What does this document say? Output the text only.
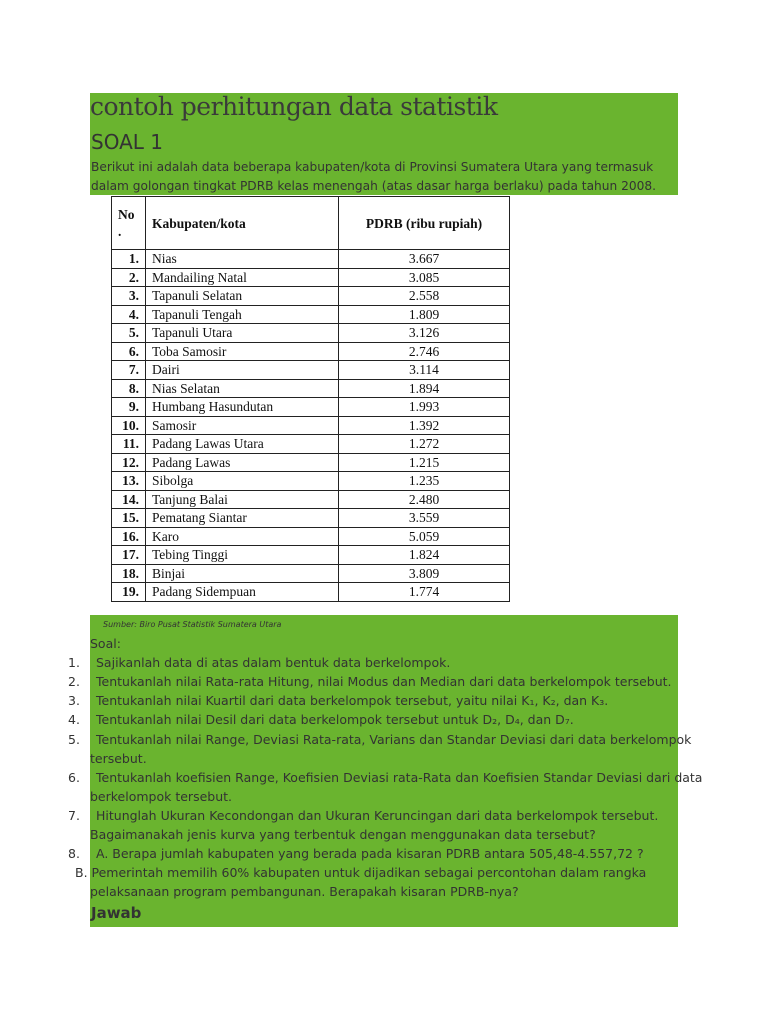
contoh perhitungan data statistik
SOAL 1
Berikut ini adalah data beberapa kabupaten/kota di Provinsi Sumatera Utara yang termasuk
dalam golongan tingkat PDRB kelas menengah (atas dasar harga berlaku) pada tahun 2008.
No
.	Kabupaten/kota	PDRB (ribu rupiah)
1.	Nias	3.667
2.	Mandailing Natal	3.085
3.	Tapanuli Selatan	2.558
4.	Tapanuli Tengah	1.809
5.	Tapanuli Utara	3.126
6.	Toba Samosir	2.746
7.	Dairi	3.114
8.	Nias Selatan	1.894
9.	Humbang Hasundutan	1.993
10.	Samosir	1.392
11.	Padang Lawas Utara	1.272
12.	Padang Lawas	1.215
13.	Sibolga	1.235
14.	Tanjung Balai	2.480
15.	Pematang Siantar	3.559
16.	Karo	5.059
17.	Tebing Tinggi	1.824
18.	Binjai	3.809
19.	Padang Sidempuan	1.774
Sumber: Biro Pusat Statistik Sumatera Utara
Soal:
1. Sajikanlah data di atas dalam bentuk data berkelompok.
2. Tentukanlah nilai Rata-rata Hitung, nilai Modus dan Median dari data berkelompok tersebut.
3. Tentukanlah nilai Kuartil dari data berkelompok tersebut, yaitu nilai K₁, K₂, dan K₃.
4. Tentukanlah nilai Desil dari data berkelompok tersebut untuk D₂, D₄, dan D₇.
5. Tentukanlah nilai Range, Deviasi Rata-rata, Varians dan Standar Deviasi dari data berkelompok
tersebut.
6. Tentukanlah koefisien Range, Koefisien Deviasi rata-Rata dan Koefisien Standar Deviasi dari data
berkelompok tersebut.
7. Hitunglah Ukuran Kecondongan dan Ukuran Keruncingan dari data berkelompok tersebut.
Bagaimanakah jenis kurva yang terbentuk dengan menggunakan data tersebut?
8. A. Berapa jumlah kabupaten yang berada pada kisaran PDRB antara 505,48-4.557,72 ?
B. Pemerintah memilih 60% kabupaten untuk dijadikan sebagai percontohan dalam rangka
pelaksanaan program pembangunan. Berapakah kisaran PDRB-nya?
Jawab
